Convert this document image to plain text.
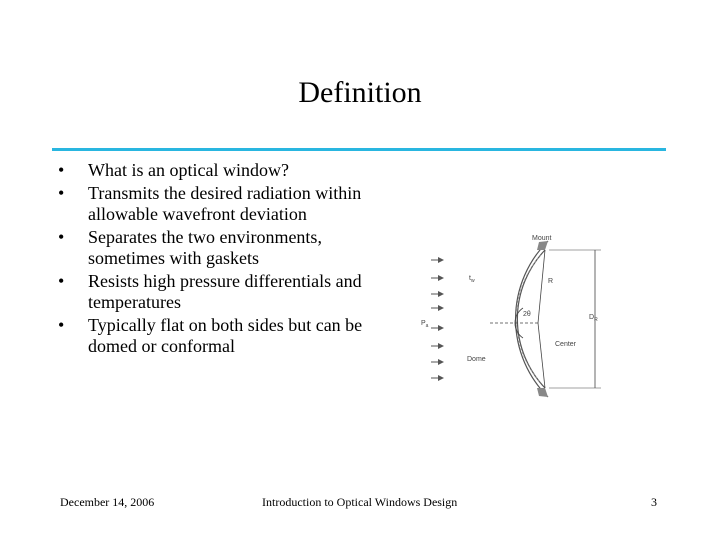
Definition
• What is an optical window?
• Transmits the desired radiation within allowable wavefront deviation
• Separates the two environments, sometimes with gaskets
• Resists high pressure differentials and temperatures
• Typically flat on both sides but can be domed or conformal
Mount
Dome
Center
R
2θ	$D_R$
$t_w$
$P_a$
December 14, 2006	Introduction to Optical Windows Design	3
